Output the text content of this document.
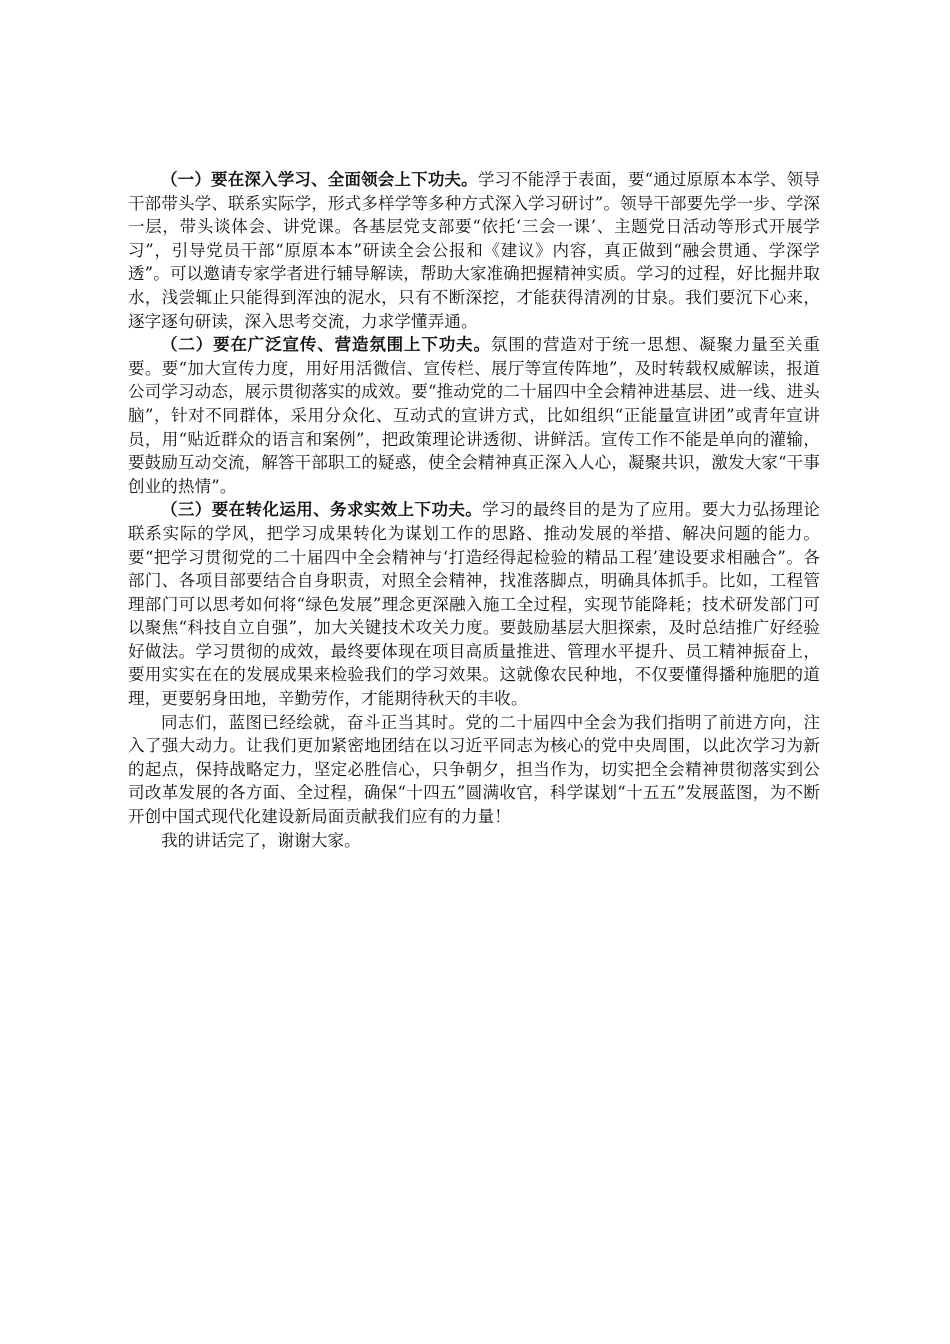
（一）要在深入学习、全面领会上下功夫。学习不能浮于表面，要“通过原原本本学、领导干部带头学、联系实际学，形式多样学等多种方式深入学习研讨”。领导干部要先学一步、学深一层，带头谈体会、讲党课。各基层党支部要“依托‘三会一课’、主题党日活动等形式开展学习”，引导党员干部“原原本本”研读全会公报和《建议》内容，真正做到“融会贯通、学深学透”。可以邀请专家学者进行辅导解读，帮助大家准确把握精神实质。学习的过程，好比掘井取水，浅尝辄止只能得到浑浊的泥水，只有不断深挖，才能获得清冽的甘泉。我们要沉下心来，逐字逐句研读，深入思考交流，力求学懂弄通。

（二）要在广泛宣传、营造氛围上下功夫。氛围的营造对于统一思想、凝聚力量至关重要。要“加大宣传力度，用好用活微信、宣传栏、展厅等宣传阵地”，及时转载权威解读，报道公司学习动态，展示贯彻落实的成效。要“推动党的二十届四中全会精神进基层、进一线、进头脑”，针对不同群体，采用分众化、互动式的宣讲方式，比如组织“正能量宣讲团”或青年宣讲员，用“贴近群众的语言和案例”，把政策理论讲透彻、讲鲜活。宣传工作不能是单向的灌输，要鼓励互动交流，解答干部职工的疑惑，使全会精神真正深入人心，凝聚共识，激发大家“干事创业的热情”。

（三）要在转化运用、务求实效上下功夫。学习的最终目的是为了应用。要大力弘扬理论联系实际的学风，把学习成果转化为谋划工作的思路、推动发展的举措、解决问题的能力。要“把学习贯彻党的二十届四中全会精神与‘打造经得起检验的精品工程’建设要求相融合”。各部门、各项目部要结合自身职责，对照全会精神，找准落脚点，明确具体抓手。比如，工程管理部门可以思考如何将“绿色发展”理念更深融入施工全过程，实现节能降耗；技术研发部门可以聚焦“科技自立自强”，加大关键技术攻关力度。要鼓励基层大胆探索，及时总结推广好经验好做法。学习贯彻的成效，最终要体现在项目高质量推进、管理水平提升、员工精神振奋上，要用实实在在的发展成果来检验我们的学习效果。这就像农民种地，不仅要懂得播种施肥的道理，更要躬身田地，辛勤劳作，才能期待秋天的丰收。

同志们，蓝图已经绘就，奋斗正当其时。党的二十届四中全会为我们指明了前进方向，注入了强大动力。让我们更加紧密地团结在以习近平同志为核心的党中央周围，以此次学习为新的起点，保持战略定力，坚定必胜信心，只争朝夕，担当作为，切实把全会精神贯彻落实到公司改革发展的各方面、全过程，确保“十四五”圆满收官，科学谋划“十五五”发展蓝图，为不断开创中国式现代化建设新局面贡献我们应有的力量！

我的讲话完了，谢谢大家。
